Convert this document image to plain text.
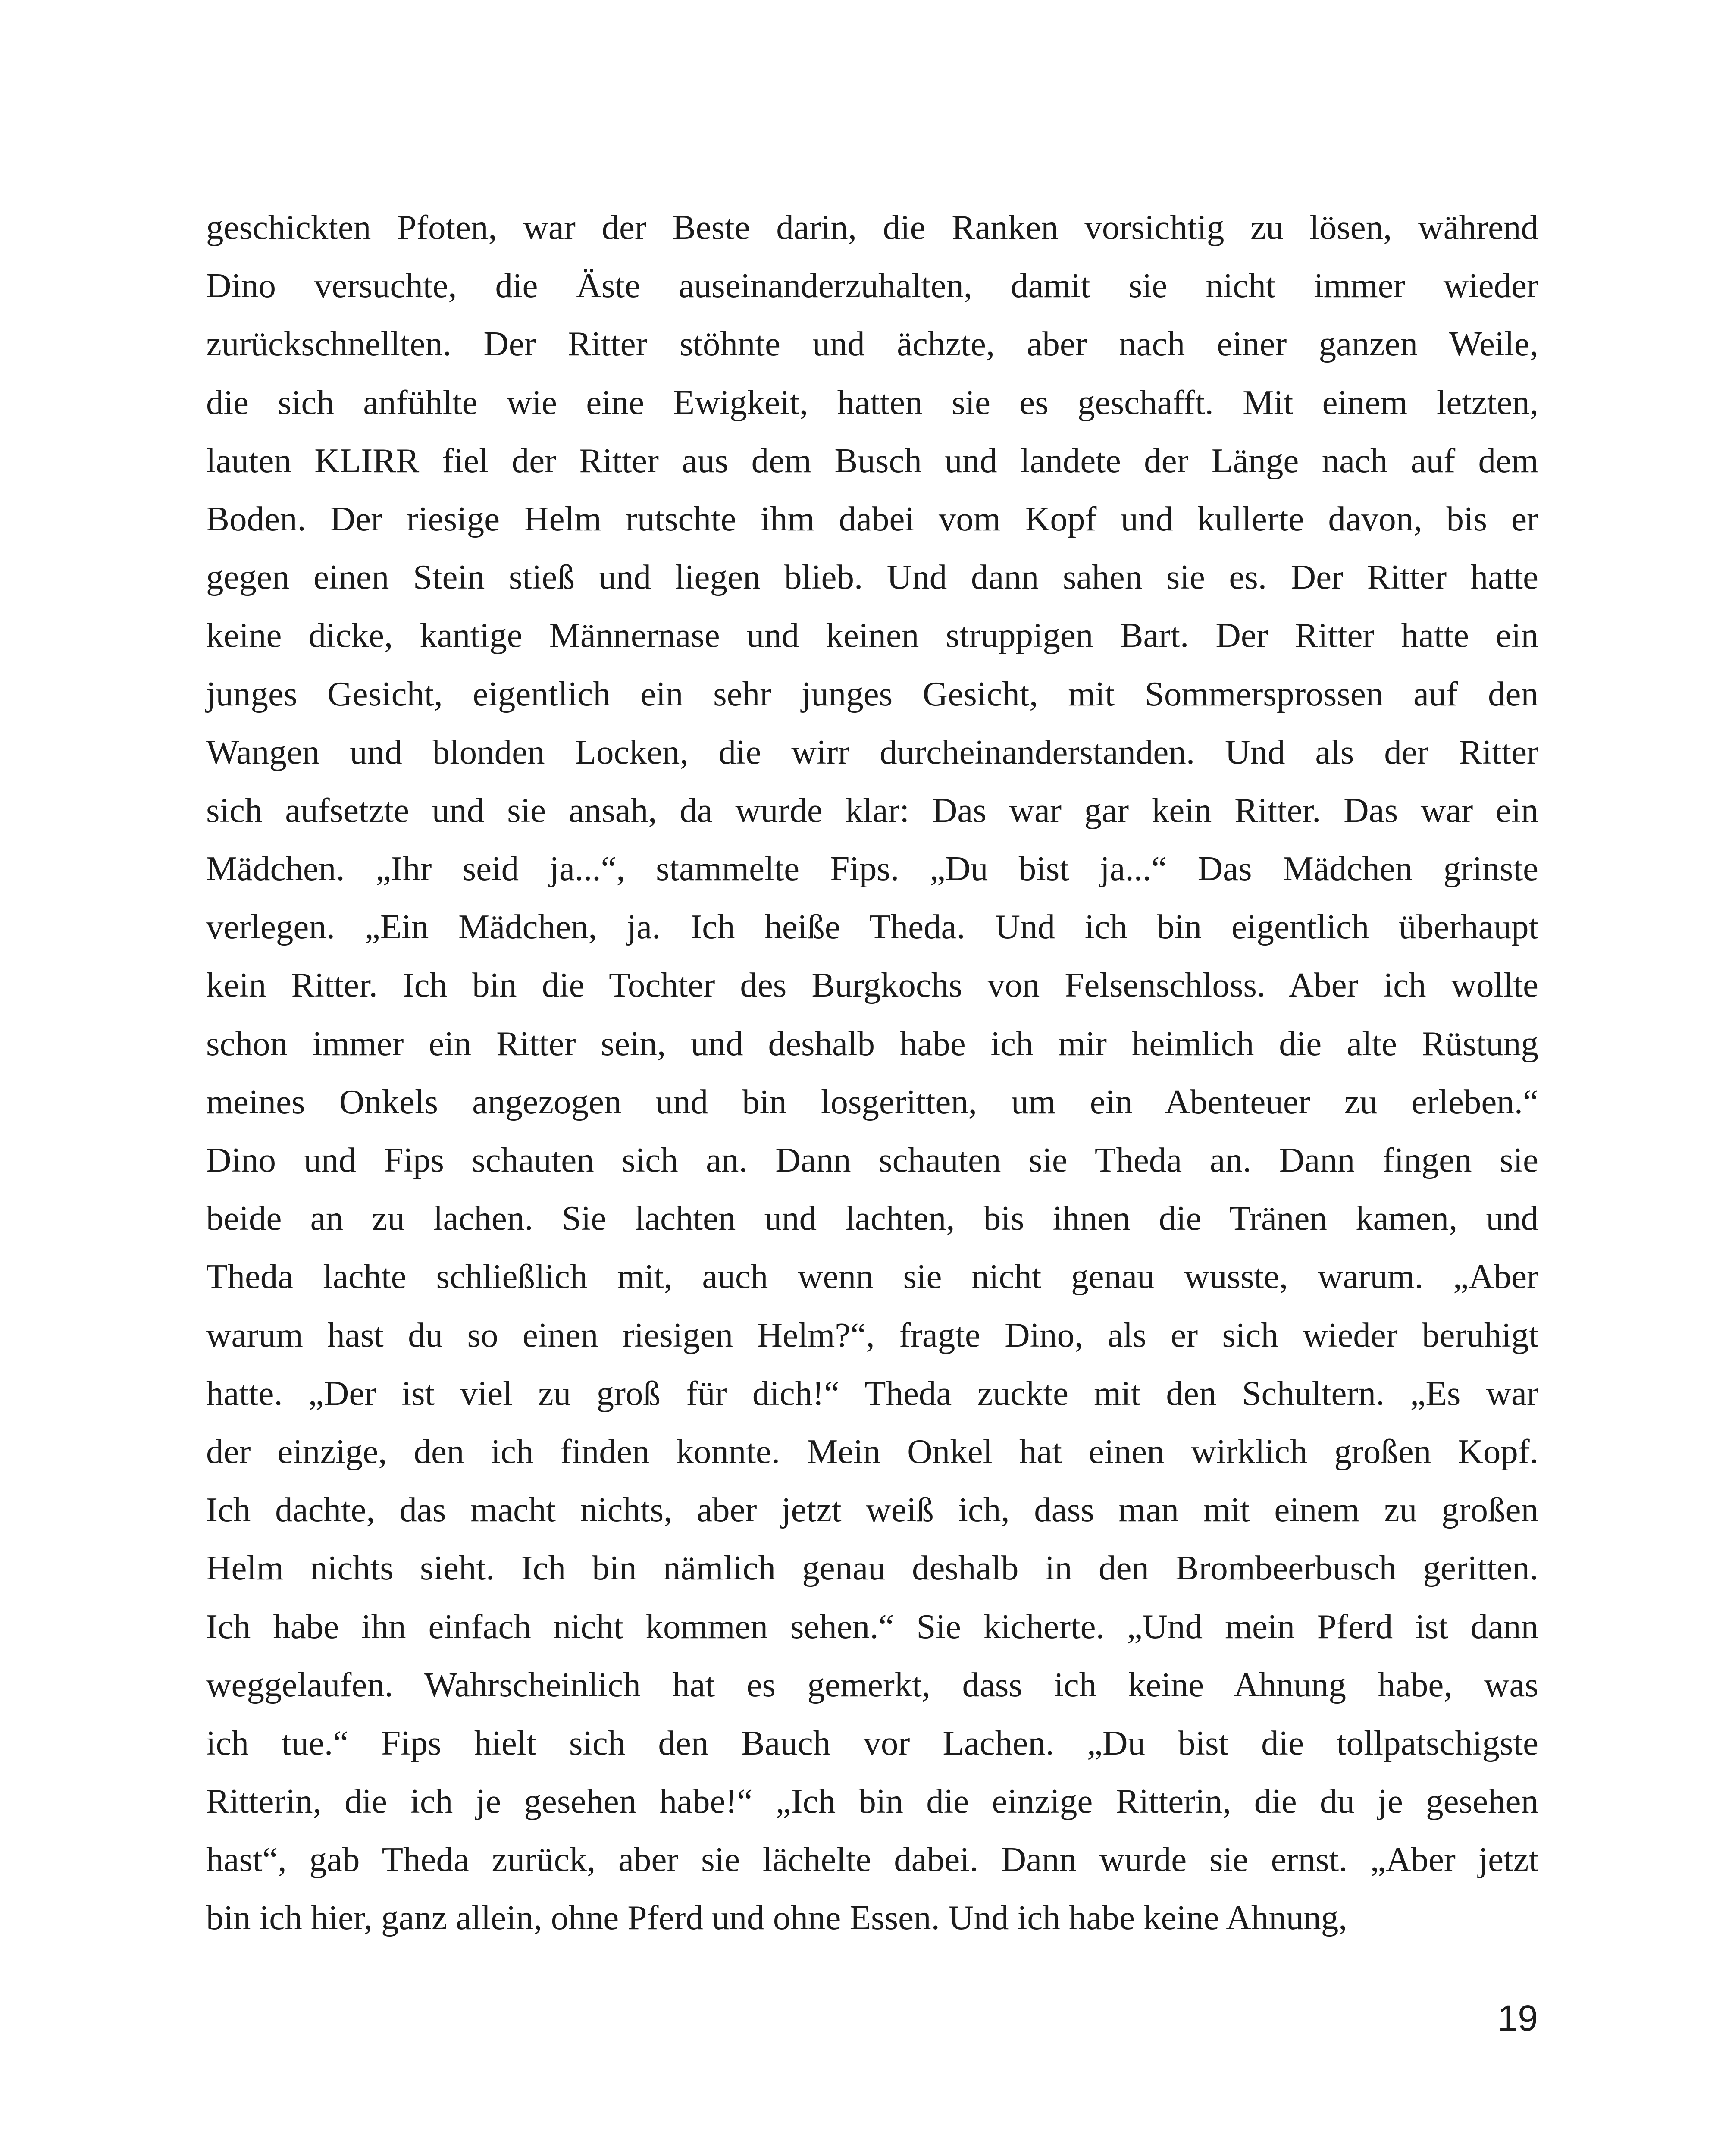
geschickten Pfoten, war der Beste darin, die Ranken vorsichtig zu lösen, während
Dino versuchte, die Äste auseinanderzuhalten, damit sie nicht immer wieder
zurückschnellten. Der Ritter stöhnte und ächzte, aber nach einer ganzen Weile,
die sich anfühlte wie eine Ewigkeit, hatten sie es geschafft. Mit einem letzten,
lauten KLIRR fiel der Ritter aus dem Busch und landete der Länge nach auf dem
Boden. Der riesige Helm rutschte ihm dabei vom Kopf und kullerte davon, bis er
gegen einen Stein stieß und liegen blieb. Und dann sahen sie es. Der Ritter hatte
keine dicke, kantige Männernase und keinen struppigen Bart. Der Ritter hatte ein
junges Gesicht, eigentlich ein sehr junges Gesicht, mit Sommersprossen auf den
Wangen und blonden Locken, die wirr durcheinanderstanden. Und als der Ritter
sich aufsetzte und sie ansah, da wurde klar: Das war gar kein Ritter. Das war ein
Mädchen. „Ihr seid ja...“, stammelte Fips. „Du bist ja...“ Das Mädchen grinste
verlegen. „Ein Mädchen, ja. Ich heiße Theda. Und ich bin eigentlich überhaupt
kein Ritter. Ich bin die Tochter des Burgkochs von Felsenschloss. Aber ich wollte
schon immer ein Ritter sein, und deshalb habe ich mir heimlich die alte Rüstung
meines Onkels angezogen und bin losgeritten, um ein Abenteuer zu erleben.“
Dino und Fips schauten sich an. Dann schauten sie Theda an. Dann fingen sie
beide an zu lachen. Sie lachten und lachten, bis ihnen die Tränen kamen, und
Theda lachte schließlich mit, auch wenn sie nicht genau wusste, warum. „Aber
warum hast du so einen riesigen Helm?“, fragte Dino, als er sich wieder beruhigt
hatte. „Der ist viel zu groß für dich!“ Theda zuckte mit den Schultern. „Es war
der einzige, den ich finden konnte. Mein Onkel hat einen wirklich großen Kopf.
Ich dachte, das macht nichts, aber jetzt weiß ich, dass man mit einem zu großen
Helm nichts sieht. Ich bin nämlich genau deshalb in den Brombeerbusch geritten.
Ich habe ihn einfach nicht kommen sehen.“ Sie kicherte. „Und mein Pferd ist dann
weggelaufen. Wahrscheinlich hat es gemerkt, dass ich keine Ahnung habe, was
ich tue.“ Fips hielt sich den Bauch vor Lachen. „Du bist die tollpatschigste
Ritterin, die ich je gesehen habe!“ „Ich bin die einzige Ritterin, die du je gesehen
hast“, gab Theda zurück, aber sie lächelte dabei. Dann wurde sie ernst. „Aber jetzt
bin ich hier, ganz allein, ohne Pferd und ohne Essen. Und ich habe keine Ahnung,
19
